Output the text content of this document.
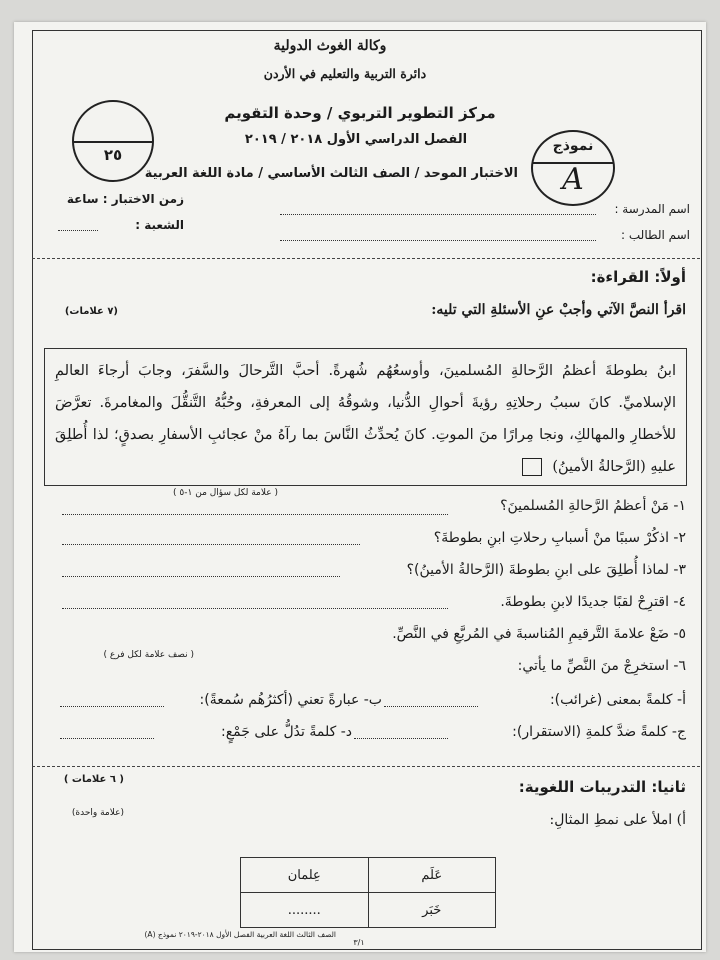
وكالة الغوث الدولية
دائرة التربية والتعليم في الأردن
مركز التطوير التربوي / وحدة التقويم
الفصل الدراسي الأول ٢٠١٨ / ٢٠١٩
الاختبار الموحد / الصف الثالث الأساسي / مادة اللغة العربية
٢٥	نموذج
A
اسم المدرسة :
اسم الطالب :
زمن الاختبار : ساعة
الشعبة :
أولاً: القراءة:
اقرأ النصَّ الآتي وأجبْ عنِ الأسئلةِ التي تليه:
(٧ علامات)
ابنُ بطوطةَ أعظمُ الرَّحالةِ المُسلمينَ، وأوسعُهُم شُهرةً. أحبَّ التَّرحالَ والسَّفرَ، وجابَ أرجاءَ العالمِ الإسلاميِّ. كانَ سببُ رحلاتِهِ رؤيةَ أحوالِ الدُّنيا، وشوقُهُ إلى المعرفةِ، وحُبُّهُ التَّنقُّلَ والمغامرةَ. تعرَّضَ للأخطارِ والمهالكِ، ونجا مِرارًا منَ الموتِ. كانَ يُحدِّثُ النَّاسَ بما رآهُ منْ عجائبِ الأسفارِ بصدقٍ؛ لذا أُطلِقَ عليهِ (الرَّحالةُ الأمينُ)
( علامة لكل سؤال من ١-٥ )
١- مَنْ أعظمُ الرَّحالةِ المُسلمينَ؟
٢- اذكُرْ سببًا منْ أسبابِ رحلاتِ ابنِ بطوطةَ؟
٣- لماذا أُطلِقَ على ابنِ بطوطةَ (الرَّحالةُ الأمينُ)؟
٤- اقترِحْ لقبًا جديدًا لابنِ بطوطةَ.
٥- ضَعْ علامةَ التَّرقيمِ المُناسبةَ في المُربَّعِ في النَّصِّ.
( نصف علامة لكل فرع )
٦- استخرِجْ منَ النَّصِّ ما يأتي:
أ- كلمةً بمعنى (غرائب):
ب- عبارةً تعني (أكثرُهُم سُمعةً):
ج- كلمةً ضدَّ كلمةِ (الاستقرار):
د- كلمةً تدُلُّ على جَمْعٍ:
( ٦ علامات )	ثانيا: التدريبات اللغوية:
أ) املأ على نمطِ المثالِ:
(علامة واحدة)
عَلَم	عِلمان
خَبَر	........
الصف الثالث اللغة العربية الفصل الأول ٢٠١٨-٢٠١٩ نموذج (A)
٣/١
